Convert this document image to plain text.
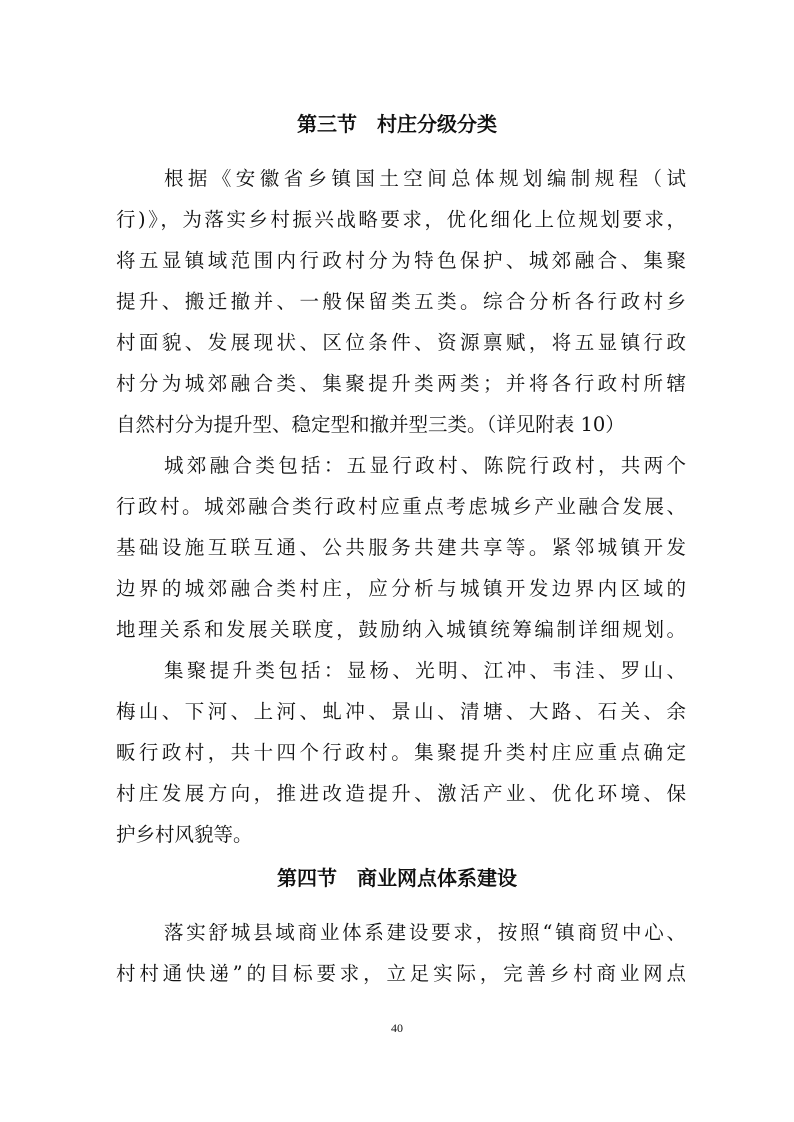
第三节　村庄分级分类
根据《安徽省乡镇国土空间总体规划编制规程（试
行)》，为落实乡村振兴战略要求，优化细化上位规划要求，
将五显镇域范围内行政村分为特色保护、城郊融合、集聚
提升、搬迁撤并、一般保留类五类。综合分析各行政村乡
村面貌、发展现状、区位条件、资源禀赋，将五显镇行政
村分为城郊融合类、集聚提升类两类；并将各行政村所辖
自然村分为提升型、稳定型和撤并型三类。（详见附表 10）
城郊融合类包括：五显行政村、陈院行政村，共两个
行政村。城郊融合类行政村应重点考虑城乡产业融合发展、
基础设施互联互通、公共服务共建共享等。紧邻城镇开发
边界的城郊融合类村庄，应分析与城镇开发边界内区域的
地理关系和发展关联度，鼓励纳入城镇统筹编制详细规划。
集聚提升类包括：显杨、光明、江冲、韦洼、罗山、
梅山、下河、上河、虬冲、景山、清塘、大路、石关、余
畈行政村，共十四个行政村。集聚提升类村庄应重点确定
村庄发展方向，推进改造提升、激活产业、优化环境、保
护乡村风貌等。
第四节　商业网点体系建设
落实舒城县域商业体系建设要求，按照“镇商贸中心、
村村通快递”的目标要求，立足实际，完善乡村商业网点
40
